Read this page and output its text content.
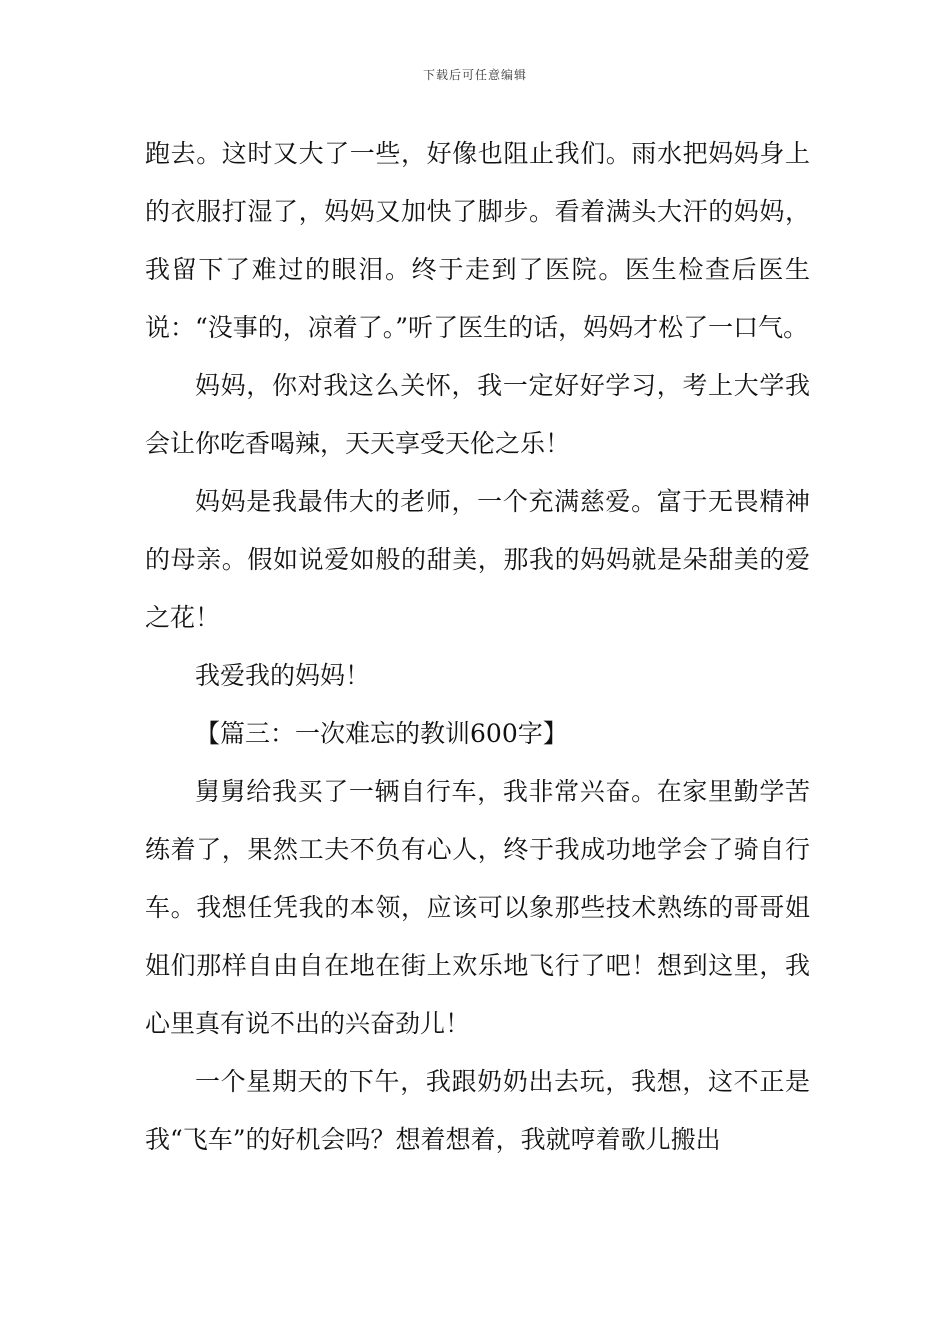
下载后可任意编辑

跑去。这时又大了一些，好像也阻止我们。雨水把妈妈身上的衣服打湿了，妈妈又加快了脚步。看着满头大汗的妈妈，我留下了难过的眼泪。终于走到了医院。医生检查后医生说：“没事的，凉着了。”听了医生的话，妈妈才松了一口气。

妈妈，你对我这么关怀，我一定好好学习，考上大学我会让你吃香喝辣，天天享受天伦之乐！

妈妈是我最伟大的老师，一个充满慈爱。富于无畏精神的母亲。假如说爱如般的甜美，那我的妈妈就是朵甜美的爱之花！

我爱我的妈妈！

【篇三：一次难忘的教训600字】

舅舅给我买了一辆自行车，我非常兴奋。在家里勤学苦练着了，果然工夫不负有心人，终于我成功地学会了骑自行车。我想任凭我的本领，应该可以象那些技术熟练的哥哥姐姐们那样自由自在地在街上欢乐地飞行了吧！想到这里，我心里真有说不出的兴奋劲儿！

一个星期天的下午，我跟奶奶出去玩，我想，这不正是我“飞车”的好机会吗？想着想着，我就哼着歌儿搬出
